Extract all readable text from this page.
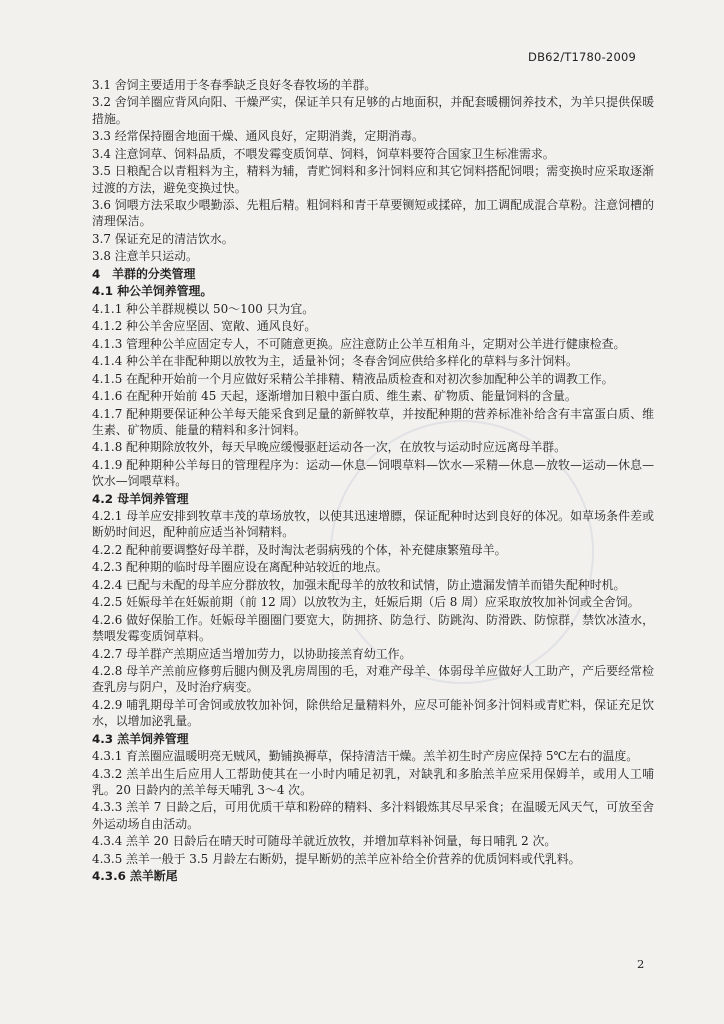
DB62/T1780-2009

3.1 舍饲主要适用于冬春季缺乏良好冬春牧场的羊群。

3.2 舍饲羊圈应背风向阳、干燥严实，保证羊只有足够的占地面积，并配套暖棚饲养技术，为羊只提供保暖措施。

3.3 经常保持圈舍地面干燥、通风良好，定期消粪，定期消毒。

3.4 注意饲草、饲料品质，不喂发霉变质饲草、饲料，饲草料要符合国家卫生标准需求。

3.5 日粮配合以青粗料为主，精料为辅，青贮饲料和多汁饲料应和其它饲料搭配饲喂；需变换时应采取逐渐过渡的方法，避免变换过快。

3.6 饲喂方法采取少喂勤添、先粗后精。粗饲料和青干草要铡短或揉碎，加工调配成混合草粉。注意饲槽的清理保洁。

3.7 保证充足的清洁饮水。

3.8 注意羊只运动。

4　羊群的分类管理

4.1 种公羊饲养管理。

4.1.1 种公羊群规模以 50～100 只为宜。

4.1.2 种公羊舍应坚固、宽敞、通风良好。

4.1.3 管理种公羊应固定专人，不可随意更换。应注意防止公羊互相角斗，定期对公羊进行健康检查。

4.1.4 种公羊在非配种期以放牧为主，适量补饲；冬春舍饲应供给多样化的草料与多汁饲料。

4.1.5 在配种开始前一个月应做好采精公羊排精、精液品质检查和对初次参加配种公羊的调教工作。

4.1.6 在配种开始前 45 天起，逐渐增加日粮中蛋白质、维生素、矿物质、能量饲料的含量。

4.1.7 配种期要保证种公羊每天能采食到足量的新鲜牧草，并按配种期的营养标准补给含有丰富蛋白质、维生素、矿物质、能量的精料和多汁饲料。

4.1.8 配种期除放牧外，每天早晚应缓慢驱赶运动各一次，在放牧与运动时应远离母羊群。

4.1.9 配种期种公羊每日的管理程序为：运动—休息—饲喂草料—饮水—采精—休息—放牧—运动—休息—饮水—饲喂草料。

4.2 母羊饲养管理

4.2.1 母羊应安排到牧草丰茂的草场放牧，以使其迅速增膘，保证配种时达到良好的体况。如草场条件差或断奶时间迟，配种前应适当补饲精料。

4.2.2 配种前要调整好母羊群，及时淘汰老弱病残的个体，补充健康繁殖母羊。

4.2.3 配种期的临时母羊圈应设在离配种站较近的地点。

4.2.4 已配与未配的母羊应分群放牧，加强未配母羊的放牧和试情，防止遗漏发情羊而错失配种时机。

4.2.5 妊娠母羊在妊娠前期（前 12 周）以放牧为主，妊娠后期（后 8 周）应采取放牧加补饲或全舍饲。

4.2.6 做好保胎工作。妊娠母羊圈圈门要宽大，防拥挤、防急行、防跳沟、防滑跌、防惊群，禁饮冰渣水，禁喂发霉变质饲草料。

4.2.7 母羊群产羔期应适当增加劳力，以协助接羔育幼工作。

4.2.8 母羊产羔前应修剪后腿内侧及乳房周围的毛，对难产母羊、体弱母羊应做好人工助产，产后要经常检查乳房与阴户，及时治疗病变。

4.2.9 哺乳期母羊可舍饲或放牧加补饲，除供给足量精料外，应尽可能补饲多汁饲料或青贮料，保证充足饮水，以增加泌乳量。

4.3 羔羊饲养管理

4.3.1 育羔圈应温暖明亮无贼风，勤铺换褥草，保持清洁干燥。羔羊初生时产房应保持 5℃左右的温度。

4.3.2 羔羊出生后应用人工帮助使其在一小时内哺足初乳，对缺乳和多胎羔羊应采用保姆羊，或用人工哺乳。20 日龄内的羔羊每天哺乳 3～4 次。

4.3.3 羔羊 7 日龄之后，可用优质干草和粉碎的精料、多汁料锻炼其尽早采食；在温暖无风天气，可放至舍外运动场自由活动。

4.3.4 羔羊 20 日龄后在晴天时可随母羊就近放牧，并增加草料补饲量，每日哺乳 2 次。

4.3.5 羔羊一般于 3.5 月龄左右断奶，提早断奶的羔羊应补给全价营养的优质饲料或代乳料。

4.3.6 羔羊断尾

2
